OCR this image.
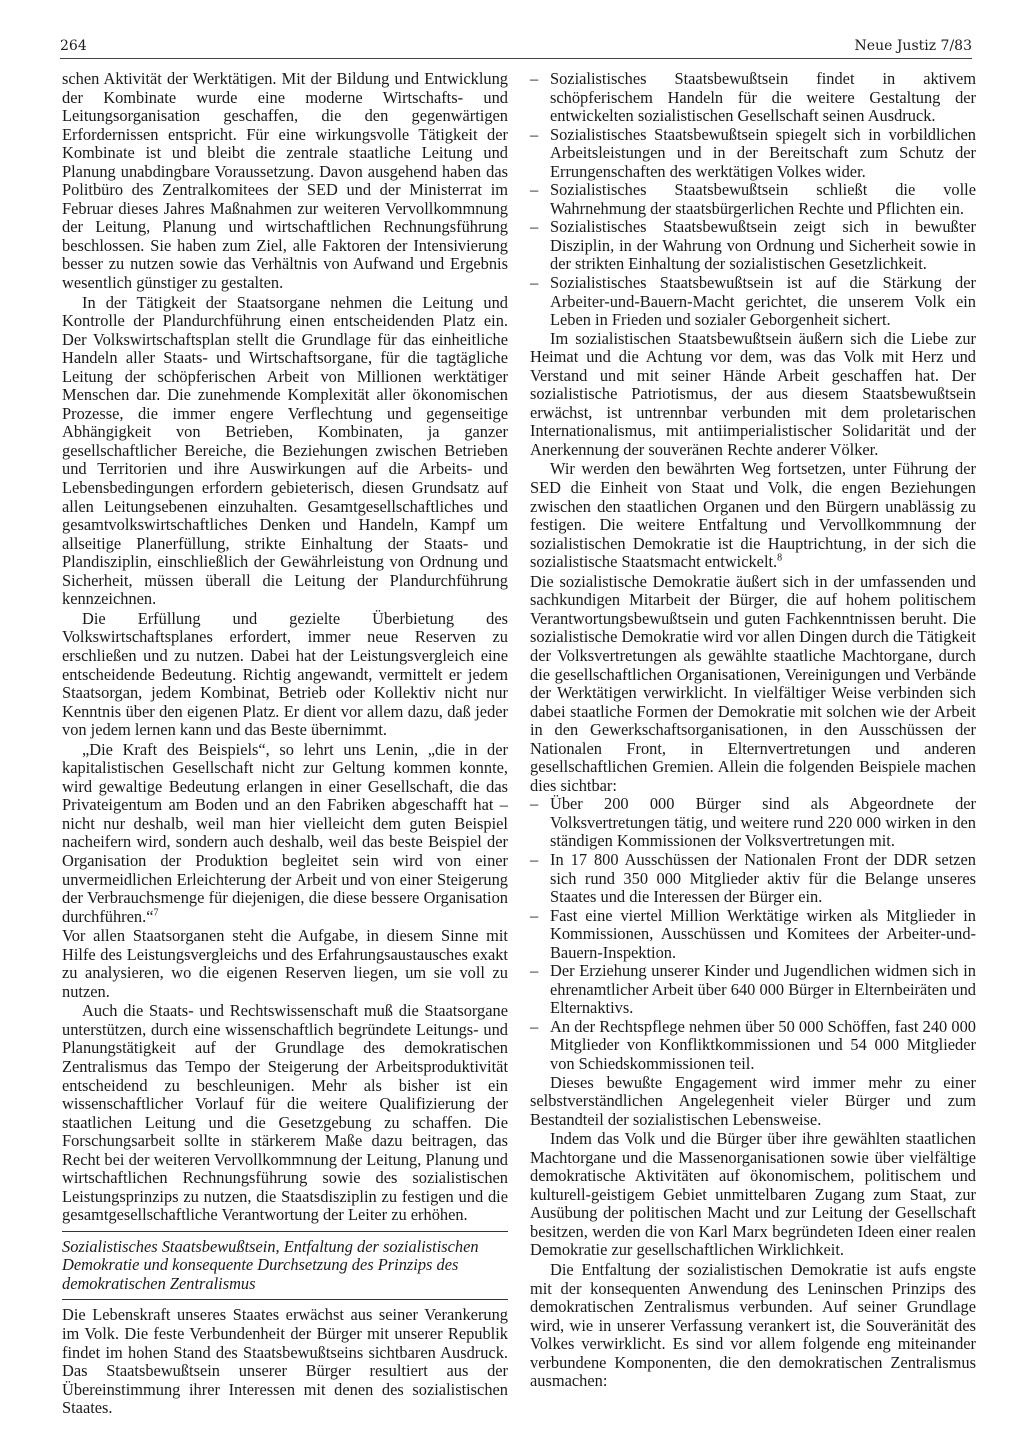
264	Neue Justiz 7/83

schen Aktivität der Werktätigen. Mit der Bildung und Entwicklung der Kombinate wurde eine moderne Wirtschafts- und Leitungsorganisation geschaffen, die den gegenwärtigen Erfordernissen entspricht. Für eine wirkungsvolle Tätigkeit der Kombinate ist und bleibt die zentrale staatliche Leitung und Planung unabdingbare Voraussetzung. Davon ausgehend haben das Politbüro des Zentralkomitees der SED und der Ministerrat im Februar dieses Jahres Maßnahmen zur weiteren Vervollkommnung der Leitung, Planung und wirtschaftlichen Rechnungsführung beschlossen. Sie haben zum Ziel, alle Faktoren der Intensivierung besser zu nutzen sowie das Verhältnis von Aufwand und Ergebnis wesentlich günstiger zu gestalten.

In der Tätigkeit der Staatsorgane nehmen die Leitung und Kontrolle der Plandurchführung einen entscheidenden Platz ein. Der Volkswirtschaftsplan stellt die Grundlage für das einheitliche Handeln aller Staats- und Wirtschaftsorgane, für die tagtägliche Leitung der schöpferischen Arbeit von Millionen werktätiger Menschen dar. Die zunehmende Komplexität aller ökonomischen Prozesse, die immer engere Verflechtung und gegenseitige Abhängigkeit von Betrieben, Kombinaten, ja ganzer gesellschaftlicher Bereiche, die Beziehungen zwischen Betrieben und Territorien und ihre Auswirkungen auf die Arbeits- und Lebensbedingungen erfordern gebieterisch, diesen Grundsatz auf allen Leitungsebenen einzuhalten. Gesamtgesellschaftliches und gesamtvolkswirtschaftliches Denken und Handeln, Kampf um allseitige Planerfüllung, strikte Einhaltung der Staats- und Plandisziplin, einschließlich der Gewährleistung von Ordnung und Sicherheit, müssen überall die Leitung der Plandurchführung kennzeichnen.

Die Erfüllung und gezielte Überbietung des Volkswirtschaftsplanes erfordert, immer neue Reserven zu erschließen und zu nutzen. Dabei hat der Leistungsvergleich eine entscheidende Bedeutung. Richtig angewandt, vermittelt er jedem Staatsorgan, jedem Kombinat, Betrieb oder Kollektiv nicht nur Kenntnis über den eigenen Platz. Er dient vor allem dazu, daß jeder von jedem lernen kann und das Beste übernimmt.

„Die Kraft des Beispiels“, so lehrt uns Lenin, „die in der kapitalistischen Gesellschaft nicht zur Geltung kommen konnte, wird gewaltige Bedeutung erlangen in einer Gesellschaft, die das Privateigentum am Boden und an den Fabriken abgeschafft hat – nicht nur deshalb, weil man hier vielleicht dem guten Beispiel nacheifern wird, sondern auch deshalb, weil das beste Beispiel der Organisation der Produktion begleitet sein wird von einer unvermeidlichen Erleichterung der Arbeit und von einer Steigerung der Verbrauchsmenge für diejenigen, die diese bessere Organisation durchführen.“$^7$

Vor allen Staatsorganen steht die Aufgabe, in diesem Sinne mit Hilfe des Leistungsvergleichs und des Erfahrungsaustausches exakt zu analysieren, wo die eigenen Reserven liegen, um sie voll zu nutzen.

Auch die Staats- und Rechtswissenschaft muß die Staatsorgane unterstützen, durch eine wissenschaftlich begründete Leitungs- und Planungstätigkeit auf der Grundlage des demokratischen Zentralismus das Tempo der Steigerung der Arbeitsproduktivität entscheidend zu beschleunigen. Mehr als bisher ist ein wissenschaftlicher Vorlauf für die weitere Qualifizierung der staatlichen Leitung und die Gesetzgebung zu schaffen. Die Forschungsarbeit sollte in stärkerem Maße dazu beitragen, das Recht bei der weiteren Vervollkommnung der Leitung, Planung und wirtschaftlichen Rechnungsführung sowie des sozialistischen Leistungsprinzips zu nutzen, die Staatsdisziplin zu festigen und die gesamtgesellschaftliche Verantwortung der Leiter zu erhöhen.

Sozialistisches Staatsbewußtsein, Entfaltung der sozialistischen Demokratie und konsequente Durchsetzung des Prinzips des demokratischen Zentralismus

Die Lebenskraft unseres Staates erwächst aus seiner Verankerung im Volk. Die feste Verbundenheit der Bürger mit unserer Republik findet im hohen Stand des Staatsbewußtseins sichtbaren Ausdruck. Das Staatsbewußtsein unserer Bürger resultiert aus der Übereinstimmung ihrer Interessen mit denen des sozialistischen Staates.

– Sozialistisches Staatsbewußtsein findet in aktivem schöpferischem Handeln für die weitere Gestaltung der entwickelten sozialistischen Gesellschaft seinen Ausdruck.
– Sozialistisches Staatsbewußtsein spiegelt sich in vorbildlichen Arbeitsleistungen und in der Bereitschaft zum Schutz der Errungenschaften des werktätigen Volkes wider.
– Sozialistisches Staatsbewußtsein schließt die volle Wahrnehmung der staatsbürgerlichen Rechte und Pflichten ein.
– Sozialistisches Staatsbewußtsein zeigt sich in bewußter Disziplin, in der Wahrung von Ordnung und Sicherheit sowie in der strikten Einhaltung der sozialistischen Gesetzlichkeit.
– Sozialistisches Staatsbewußtsein ist auf die Stärkung der Arbeiter-und-Bauern-Macht gerichtet, die unserem Volk ein Leben in Frieden und sozialer Geborgenheit sichert.

Im sozialistischen Staatsbewußtsein äußern sich die Liebe zur Heimat und die Achtung vor dem, was das Volk mit Herz und Verstand und mit seiner Hände Arbeit geschaffen hat. Der sozialistische Patriotismus, der aus diesem Staatsbewußtsein erwächst, ist untrennbar verbunden mit dem proletarischen Internationalismus, mit antiimperialistischer Solidarität und der Anerkennung der souveränen Rechte anderer Völker.

Wir werden den bewährten Weg fortsetzen, unter Führung der SED die Einheit von Staat und Volk, die engen Beziehungen zwischen den staatlichen Organen und den Bürgern unablässig zu festigen. Die weitere Entfaltung und Vervollkommnung der sozialistischen Demokratie ist die Hauptrichtung, in der sich die sozialistische Staatsmacht entwickelt.$^8$

Die sozialistische Demokratie äußert sich in der umfassenden und sachkundigen Mitarbeit der Bürger, die auf hohem politischem Verantwortungsbewußtsein und guten Fachkenntnissen beruht. Die sozialistische Demokratie wird vor allen Dingen durch die Tätigkeit der Volksvertretungen als gewählte staatliche Machtorgane, durch die gesellschaftlichen Organisationen, Vereinigungen und Verbände der Werktätigen verwirklicht. In vielfältiger Weise verbinden sich dabei staatliche Formen der Demokratie mit solchen wie der Arbeit in den Gewerkschaftsorganisationen, in den Ausschüssen der Nationalen Front, in Elternvertretungen und anderen gesellschaftlichen Gremien. Allein die folgenden Beispiele machen dies sichtbar:

– Über 200 000 Bürger sind als Abgeordnete der Volksvertretungen tätig, und weitere rund 220 000 wirken in den ständigen Kommissionen der Volksvertretungen mit.
– In 17 800 Ausschüssen der Nationalen Front der DDR setzen sich rund 350 000 Mitglieder aktiv für die Belange unseres Staates und die Interessen der Bürger ein.
– Fast eine viertel Million Werktätige wirken als Mitglieder in Kommissionen, Ausschüssen und Komitees der Arbeiter-und-Bauern-Inspektion.
– Der Erziehung unserer Kinder und Jugendlichen widmen sich in ehrenamtlicher Arbeit über 640 000 Bürger in Elternbeiräten und Elternaktivs.
– An der Rechtspflege nehmen über 50 000 Schöffen, fast 240 000 Mitglieder von Konfliktkommissionen und 54 000 Mitglieder von Schiedskommissionen teil.

Dieses bewußte Engagement wird immer mehr zu einer selbstverständlichen Angelegenheit vieler Bürger und zum Bestandteil der sozialistischen Lebensweise.

Indem das Volk und die Bürger über ihre gewählten staatlichen Machtorgane und die Massenorganisationen sowie über vielfältige demokratische Aktivitäten auf ökonomischem, politischem und kulturell-geistigem Gebiet unmittelbaren Zugang zum Staat, zur Ausübung der politischen Macht und zur Leitung der Gesellschaft besitzen, werden die von Karl Marx begründeten Ideen einer realen Demokratie zur gesellschaftlichen Wirklichkeit.

Die Entfaltung der sozialistischen Demokratie ist aufs engste mit der konsequenten Anwendung des Leninschen Prinzips des demokratischen Zentralismus verbunden. Auf seiner Grundlage wird, wie in unserer Verfassung verankert ist, die Souveränität des Volkes verwirklicht. Es sind vor allem folgende eng miteinander verbundene Komponenten, die den demokratischen Zentralismus ausmachen:
